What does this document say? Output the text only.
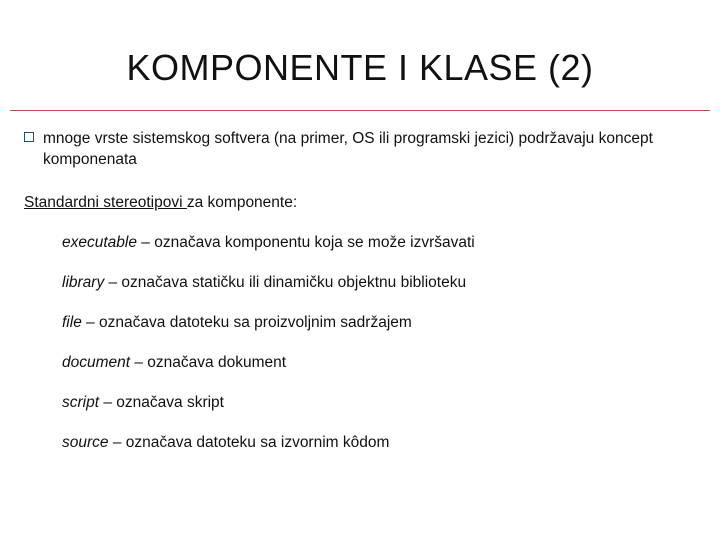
KOMPONENTE I KLASE (2)
mnoge vrste sistemskog softvera (na primer, OS ili programski jezici) podržavaju koncept komponenata
Standardni stereotipovi za komponente:
executable – označava komponentu koja se može izvršavati
library – označava statičku ili dinamičku objektnu biblioteku
file – označava datoteku sa proizvoljnim sadržajem
document – označava dokument
script – označava skript
source – označava datoteku sa izvornim kôdom
